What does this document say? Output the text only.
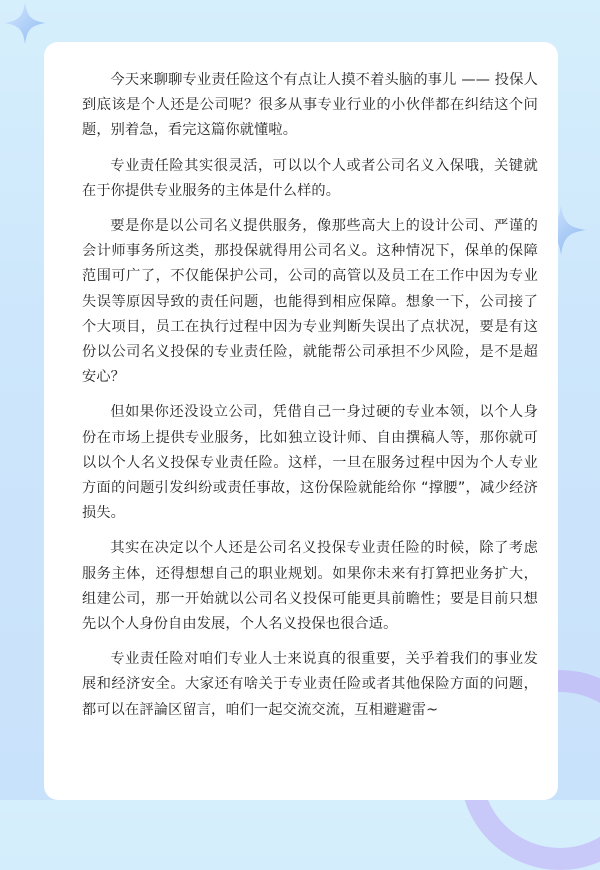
今天来聊聊专业责任险这个有点让人摸不着头脑的事儿 —— 投保人到底该是个人还是公司呢？很多从事专业行业的小伙伴都在纠结这个问题，别着急，看完这篇你就懂啦。

专业责任险其实很灵活，可以以个人或者公司名义入保哦，关键就在于你提供专业服务的主体是什么样的。

要是你是以公司名义提供服务，像那些高大上的设计公司、严谨的会计师事务所这类，那投保就得用公司名义。这种情况下，保单的保障范围可广了，不仅能保护公司，公司的高管以及员工在工作中因为专业失误等原因导致的责任问题，也能得到相应保障。想象一下，公司接了个大项目，员工在执行过程中因为专业判断失误出了点状况，要是有这份以公司名义投保的专业责任险，就能帮公司承担不少风险，是不是超安心？

但如果你还没设立公司，凭借自己一身过硬的专业本领，以个人身份在市场上提供专业服务，比如独立设计师、自由撰稿人等，那你就可以以个人名义投保专业责任险。这样，一旦在服务过程中因为个人专业方面的问题引发纠纷或责任事故，这份保险就能给你 “撑腰”，减少经济损失。

其实在决定以个人还是公司名义投保专业责任险的时候，除了考虑服务主体，还得想想自己的职业规划。如果你未来有打算把业务扩大，组建公司，那一开始就以公司名义投保可能更具前瞻性；要是目前只想先以个人身份自由发展，个人名义投保也很合适。

专业责任险对咱们专业人士来说真的很重要，关乎着我们的事业发展和经济安全。大家还有啥关于专业责任险或者其他保险方面的问题，都可以在評論区留言，咱们一起交流交流，互相避避雷~
